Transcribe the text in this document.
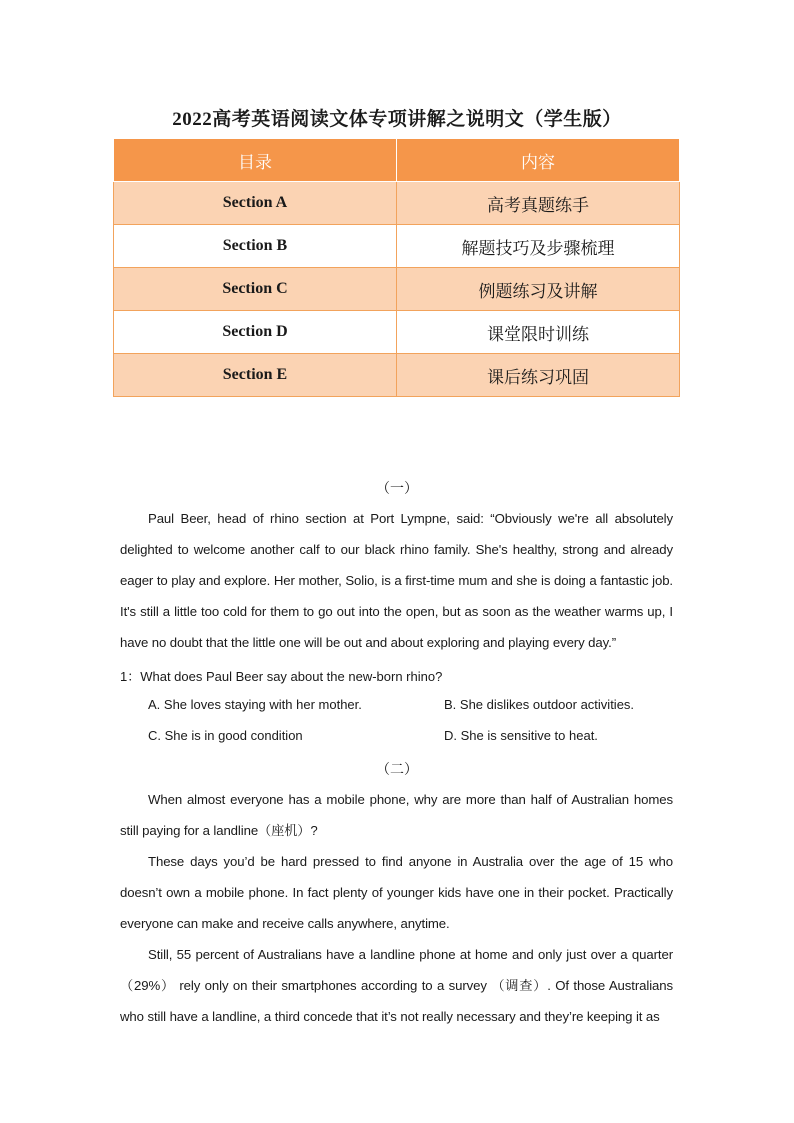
2022高考英语阅读文体专项讲解之说明文（学生版）
目录	内容
Section A	高考真题练手
Section B	解题技巧及步骤梳理
Section C	例题练习及讲解
Section D	课堂限时训练
Section E	课后练习巩固
（一）
Paul Beer, head of rhino section at Port Lympne, said: “Obviously we're all absolutely delighted to welcome another calf to our black rhino family. She's healthy, strong and already eager to play and explore. Her mother, Solio, is a first-time mum and she is doing a fantastic job. It's still a little too cold for them to go out into the open, but as soon as the weather warms up, I have no doubt that the little one will be out and about exploring and playing every day.”
1：What does Paul Beer say about the new-born rhino?
A. She loves staying with her mother.	B. She dislikes outdoor activities.
C. She is in good condition	D. She is sensitive to heat.
（二）
When almost everyone has a mobile phone, why are more than half of Australian homes still paying for a landline（座机）?
These days you’d be hard pressed to find anyone in Australia over the age of 15 who doesn’t own a mobile phone. In fact plenty of younger kids have one in their pocket. Practically everyone can make and receive calls anywhere, anytime.
Still, 55 percent of Australians have a landline phone at home and only just over a quarter（29%） rely only on their smartphones according to a survey （调查）. Of those Australians who still have a landline, a third concede that it’s not really necessary and they’re keeping it as
